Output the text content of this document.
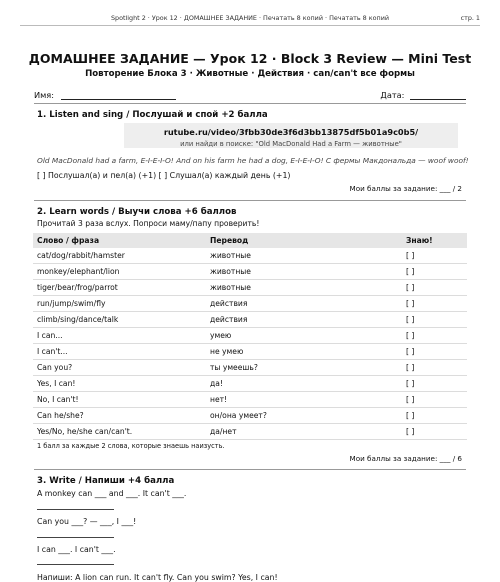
Spotlight 2 · Урок 12 · ДОМАШНЕЕ ЗАДАНИЕ · Печатать 8 копий · Печатать 8 копий	стр. 1
ДОМАШНЕЕ ЗАДАНИЕ — Урок 12 · Block 3 Review — Mini Test
Повторение Блока 3 · Животные · Действия · can/can't все формы
Имя:	Дата:
1. Listen and sing / Послушай и спой +2 балла
rutube.ru/video/3fbb30de3f6d3bb13875df5b01a9c0b5/
или найди в поиске: "Old MacDonald Had a Farm — животные"
Old MacDonald had a farm, E-I-E-I-O! And on his farm he had a dog, E-I-E-I-O! С фермы Макдональда — woof woof!
[ ] Послушал(а) и пел(а) (+1) [ ] Слушал(а) каждый день (+1)
Мои баллы за задание: ___ / 2
2. Learn words / Выучи слова +6 баллов
Прочитай 3 раза вслух. Попроси маму/папу проверить!
Слово / фраза	Перевод	Знаю!
cat/dog/rabbit/hamster	животные	[ ]
monkey/elephant/lion	животные	[ ]
tiger/bear/frog/parrot	животные	[ ]
run/jump/swim/fly	действия	[ ]
climb/sing/dance/talk	действия	[ ]
I can...	умею	[ ]
I can't...	не умею	[ ]
Can you?	ты умеешь?	[ ]
Yes, I can!	да!	[ ]
No, I can't!	нет!	[ ]
Can he/she?	он/она умеет?	[ ]
Yes/No, he/she can/can't.	да/нет	[ ]
1 балл за каждые 2 слова, которые знаешь наизусть.
Мои баллы за задание: ___ / 6
3. Write / Напиши +4 балла
A monkey can ___ and ___. It can't ___.
Can you ___? — ___, I ___!
I can ___. I can't ___.
Напиши: A lion can run. It can't fly. Can you swim? Yes, I can!
